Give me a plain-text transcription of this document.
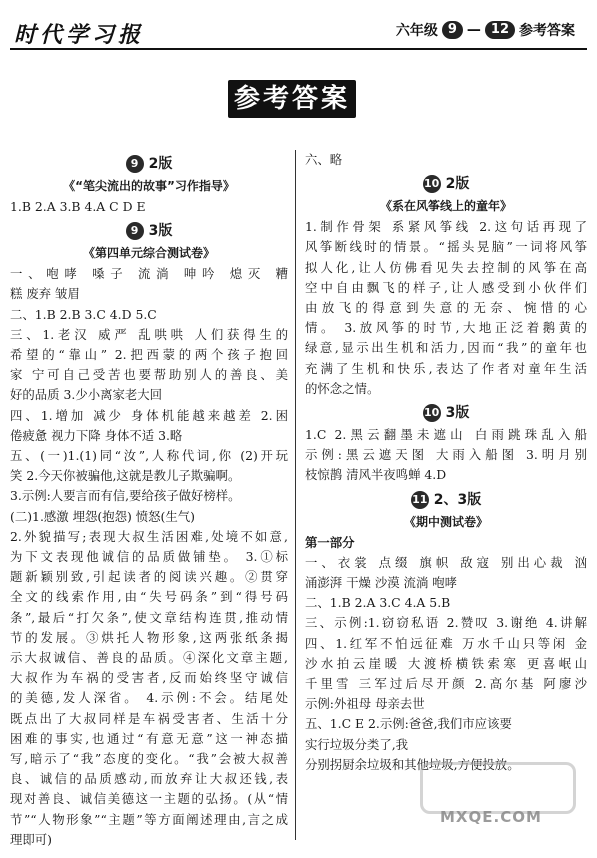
时代学习报	六年级 9 — 12 参考答案
参考答案
9 2版
《“笔尖流出的故事”习作指导》
1.B 2.A 3.B 4.A C D E
9 3版
《第四单元综合测试卷》
一、咆哮 嗓子 流淌 呻吟 熄灭 糟
糕 废弃 皱眉
二、1.B 2.B 3.C 4.D 5.C
三、1.老汉 威严 乱哄哄 人们获得生的
希望的“靠山” 2.把西蒙的两个孩子抱回
家 宁可自己受苦也要帮助别人的善良、美
好的品质 3.少小离家老大回
四、1.增加 减少 身体机能越来越差 2.困
倦疲惫 视力下降 身体不适 3.略
五、(一)1.(1)同“汝”,人称代词,你 (2)开玩
笑 2.今天你被骗他,这就是教儿子欺骗啊。
3.示例:人要言而有信,要给孩子做好榜样。
(二)1.感激 埋怨(抱怨) 愤怒(生气)
2.外貌描写;表现大叔生活困难,处境不如意,
为下文表现他诚信的品质做铺垫。 3.①标
题新颖别致,引起读者的阅读兴趣。②贯穿
全文的线索作用,由“失号码条”到“得号码
条”,最后“打欠条”,使文章结构连贯,推动情
节的发展。③烘托人物形象,这两张纸条揭
示大叔诚信、善良的品质。④深化文章主题,
大叔作为车祸的受害者,反而始终坚守诚信
的美德,发人深省。 4.示例:不会。结尾处
既点出了大叔同样是车祸受害者、生活十分
困难的事实,也通过“有意无意”这一神态描
写,暗示了“我”态度的变化。“我”会被大叔善
良、诚信的品质感动,而放弃让大叔还钱,表
现对善良、诚信美德这一主题的弘扬。(从“情
节”“人物形象”“主题”等方面阐述理由,言之成
理即可)
六、略
10 2版
《系在风筝线上的童年》
1.制作骨架 系紧风筝线 2.这句话再现了
风筝断线时的情景。“摇头晃脑”一词将风筝
拟人化,让人仿佛看见失去控制的风筝在高
空中自由飘飞的样子,让人感受到小伙伴们
由放飞的得意到失意的无奈、惋惜的心
情。 3.放风筝的时节,大地正泛着鹅黄的
绿意,显示出生机和活力,因而“我”的童年也
充满了生机和快乐,表达了作者对童年生活
的怀念之情。
10 3版
1.C 2.黑云翻墨未遮山 白雨跳珠乱入船
示例:黑云遮天图 大雨入船图 3.明月别
枝惊鹊 清风半夜鸣蝉 4.D
11 2、3版
《期中测试卷》
第一部分
一、衣裳 点缀 旗帜 敌寇 别出心裁 汹
涌澎湃 干燥 沙漠 流淌 咆哮
二、1.B 2.A 3.C 4.A 5.B
三、示例:1.窃窃私语 2.赞叹 3.谢绝 4.讲解
四、1.红军不怕远征难 万水千山只等闲 金
沙水拍云崖暖 大渡桥横铁索寒 更喜岷山
千里雪 三军过后尽开颜 2.高尔基 阿廖沙
示例:外祖母 母亲去世
五、1.C E 2.示例:爸爸,我们市应该要
实行垃圾分类了,我
分别拐厨余垃圾和其他垃圾,方便投放。
MXQE.COM
